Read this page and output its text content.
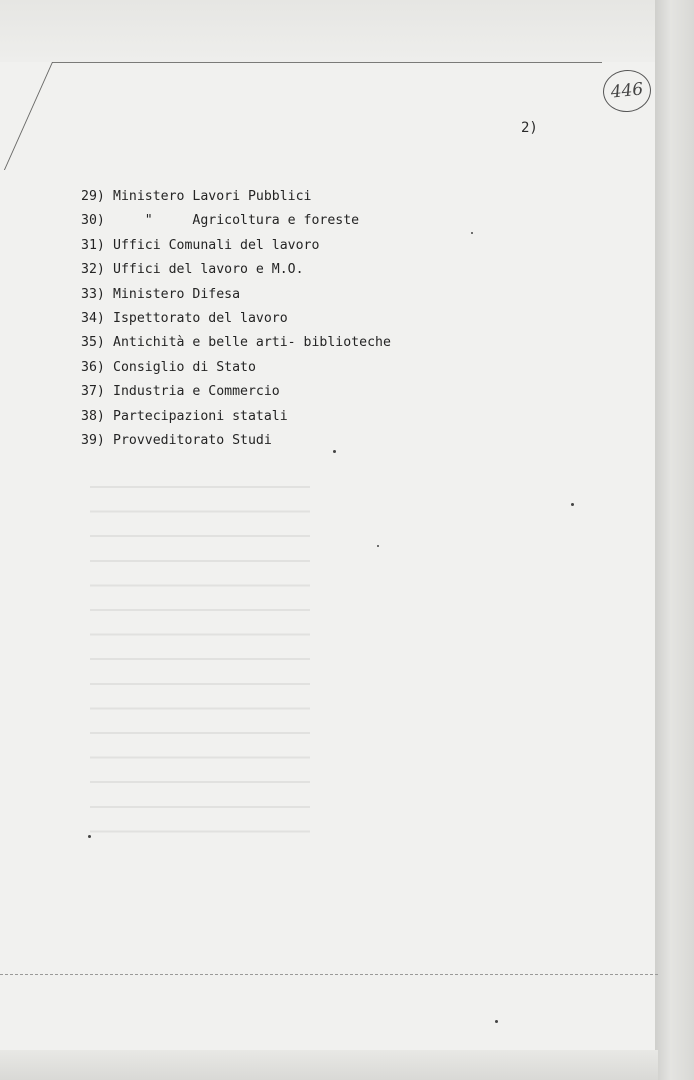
446
2)
29) Ministero Lavori Pubblici
30)    "     Agricoltura e foreste
31) Uffici Comunali del lavoro
32) Uffici del lavoro e M.O.
33) Ministero Difesa
34) Ispettorato del lavoro
35) Antichità e belle arti- biblioteche
36) Consiglio di Stato
37) Industria e Commercio
38) Partecipazioni statali
39) Provveditorato Studi
